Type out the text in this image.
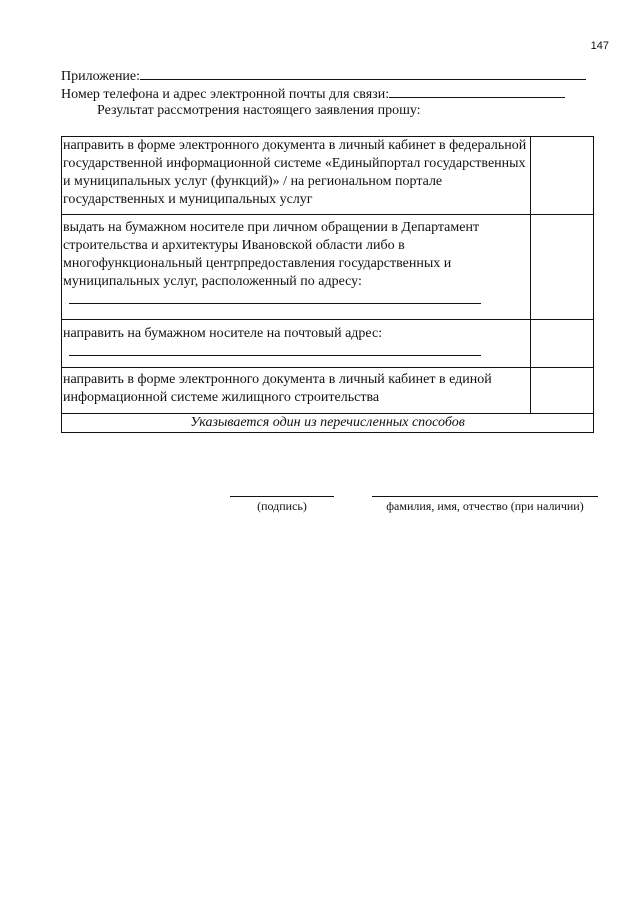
147
Приложение:
Номер телефона и адрес электронной почты для связи:
Результат рассмотрения настоящего заявления прошу:
направить в форме электронного документа в личный кабинет в федеральной государственной информационной системе «Единыйпортал государственных и муниципальных услуг (функций)» / на региональном портале государственных и муниципальных услуг	

выдать на бумажном носителе при личном обращении в Департамент строительства и архитектуры Ивановской области либо в многофункциональный центрпредоставления государственных и муниципальных услуг, расположенный по адресу:	

направить на бумажном носителе на почтовый адрес:	

направить в форме электронного документа в личный кабинет в единой информационной системе жилищного строительства	
Указывается один из перечисленных способов	
(подпись)	фамилия, имя, отчество (при наличии)
